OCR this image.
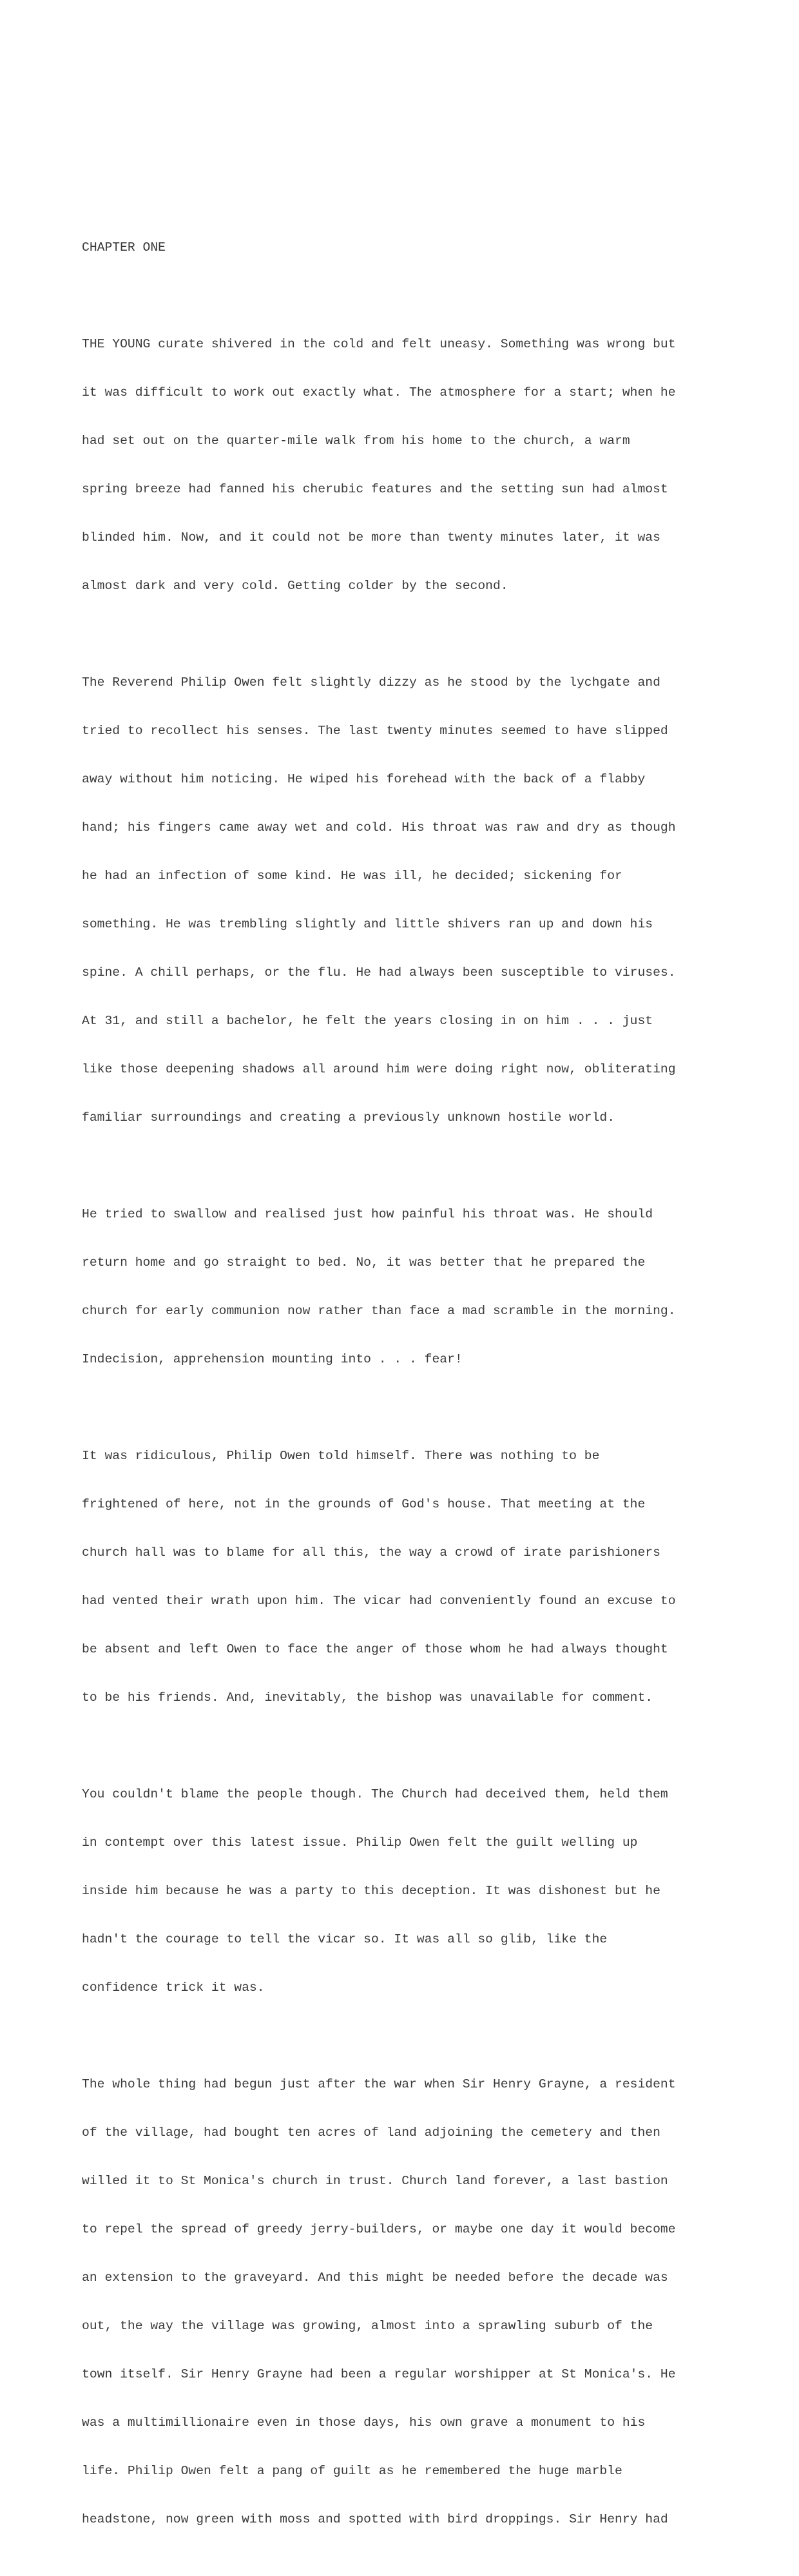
CHAPTER ONE

THE YOUNG curate shivered in the cold and felt uneasy. Something was wrong but

it was difficult to work out exactly what. The atmosphere for a start; when he

had set out on the quarter-mile walk from his home to the church, a warm

spring breeze had fanned his cherubic features and the setting sun had almost

blinded him. Now, and it could not be more than twenty minutes later, it was

almost dark and very cold. Getting colder by the second.

The Reverend Philip Owen felt slightly dizzy as he stood by the lychgate and

tried to recollect his senses. The last twenty minutes seemed to have slipped

away without him noticing. He wiped his forehead with the back of a flabby

hand; his fingers came away wet and cold. His throat was raw and dry as though

he had an infection of some kind. He was ill, he decided; sickening for

something. He was trembling slightly and little shivers ran up and down his

spine. A chill perhaps, or the flu. He had always been susceptible to viruses.

At 31, and still a bachelor, he felt the years closing in on him . . . just

like those deepening shadows all around him were doing right now, obliterating

familiar surroundings and creating a previously unknown hostile world.

He tried to swallow and realised just how painful his throat was. He should

return home and go straight to bed. No, it was better that he prepared the

church for early communion now rather than face a mad scramble in the morning.

Indecision, apprehension mounting into . . . fear!

It was ridiculous, Philip Owen told himself. There was nothing to be

frightened of here, not in the grounds of God's house. That meeting at the

church hall was to blame for all this, the way a crowd of irate parishioners

had vented their wrath upon him. The vicar had conveniently found an excuse to

be absent and left Owen to face the anger of those whom he had always thought

to be his friends. And, inevitably, the bishop was unavailable for comment.

You couldn't blame the people though. The Church had deceived them, held them

in contempt over this latest issue. Philip Owen felt the guilt welling up

inside him because he was a party to this deception. It was dishonest but he

hadn't the courage to tell the vicar so. It was all so glib, like the

confidence trick it was.

The whole thing had begun just after the war when Sir Henry Grayne, a resident

of the village, had bought ten acres of land adjoining the cemetery and then

willed it to St Monica's church in trust. Church land forever, a last bastion

to repel the spread of greedy jerry-builders, or maybe one day it would become

an extension to the graveyard. And this might be needed before the decade was

out, the way the village was growing, almost into a sprawling suburb of the

town itself. Sir Henry Grayne had been a regular worshipper at St Monica's. He

was a multimillionaire even in those days, his own grave a monument to his

life. Philip Owen felt a pang of guilt as he remembered the huge marble

headstone, now green with moss and spotted with bird droppings. Sir Henry had
